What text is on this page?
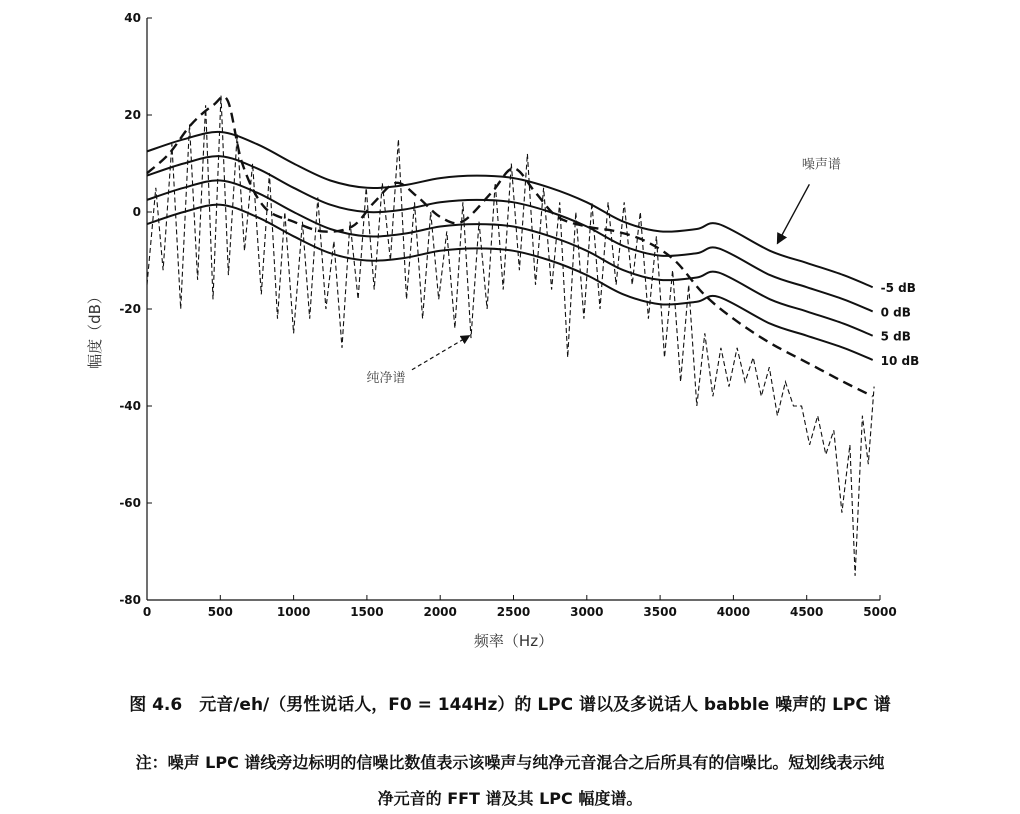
-80
-60
-40
-20
0
20
40
0	500	1000	1500	2000	2500	3000	3500	4000	4500	5000
频率（Hz）
幅度（dB）
-5 dB
0 dB
5 dB
10 dB
噪声谱
纯净谱
图 4.6　元音/eh/（男性说话人，F0 = 144Hz）的 LPC 谱以及多说话人 babble 噪声的 LPC 谱
注：噪声 LPC 谱线旁边标明的信噪比数值表示该噪声与纯净元音混合之后所具有的信噪比。短划线表示纯
净元音的 FFT 谱及其 LPC 幅度谱。
